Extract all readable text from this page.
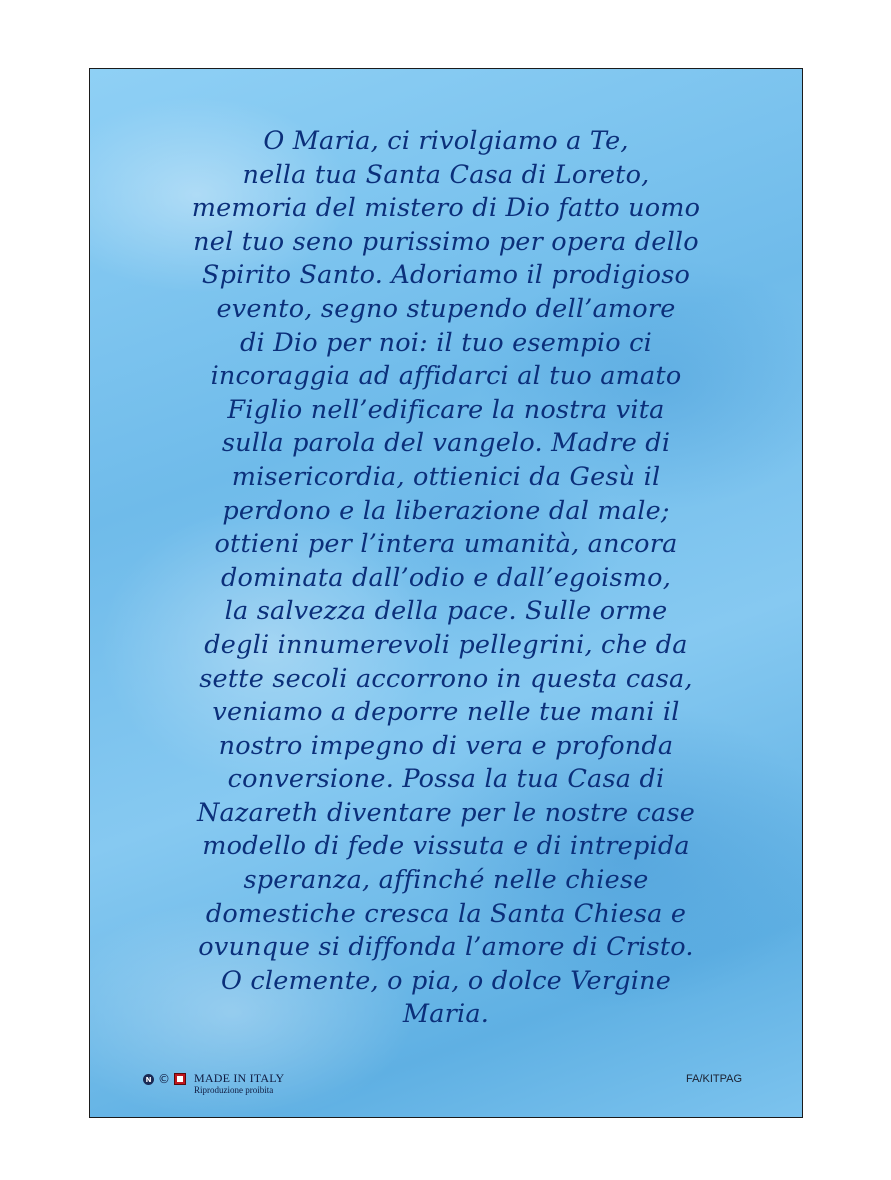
O Maria, ci rivolgiamo a Te,
nella tua Santa Casa di Loreto,
memoria del mistero di Dio fatto uomo
nel tuo seno purissimo per opera dello
Spirito Santo. Adoriamo il prodigioso
evento, segno stupendo dell’amore
di Dio per noi: il tuo esempio ci
incoraggia ad affidarci al tuo amato
Figlio nell’edificare la nostra vita
sulla parola del vangelo. Madre di
misericordia, ottienici da Gesù il
perdono e la liberazione dal male;
ottieni per l’intera umanità, ancora
dominata dall’odio e dall’egoismo,
la salvezza della pace. Sulle orme
degli innumerevoli pellegrini, che da
sette secoli accorrono in questa casa,
veniamo a deporre nelle tue mani il
nostro impegno di vera e profonda
conversione. Possa la tua Casa di
Nazareth diventare per le nostre case
modello di fede vissuta e di intrepida
speranza, affinché nelle chiese
domestiche cresca la Santa Chiesa e
ovunque si diffonda l’amore di Cristo.
O clemente, o pia, o dolce Vergine
Maria.
N © MADE IN ITALY
Riproduzione proibita
FA/KITPAG
